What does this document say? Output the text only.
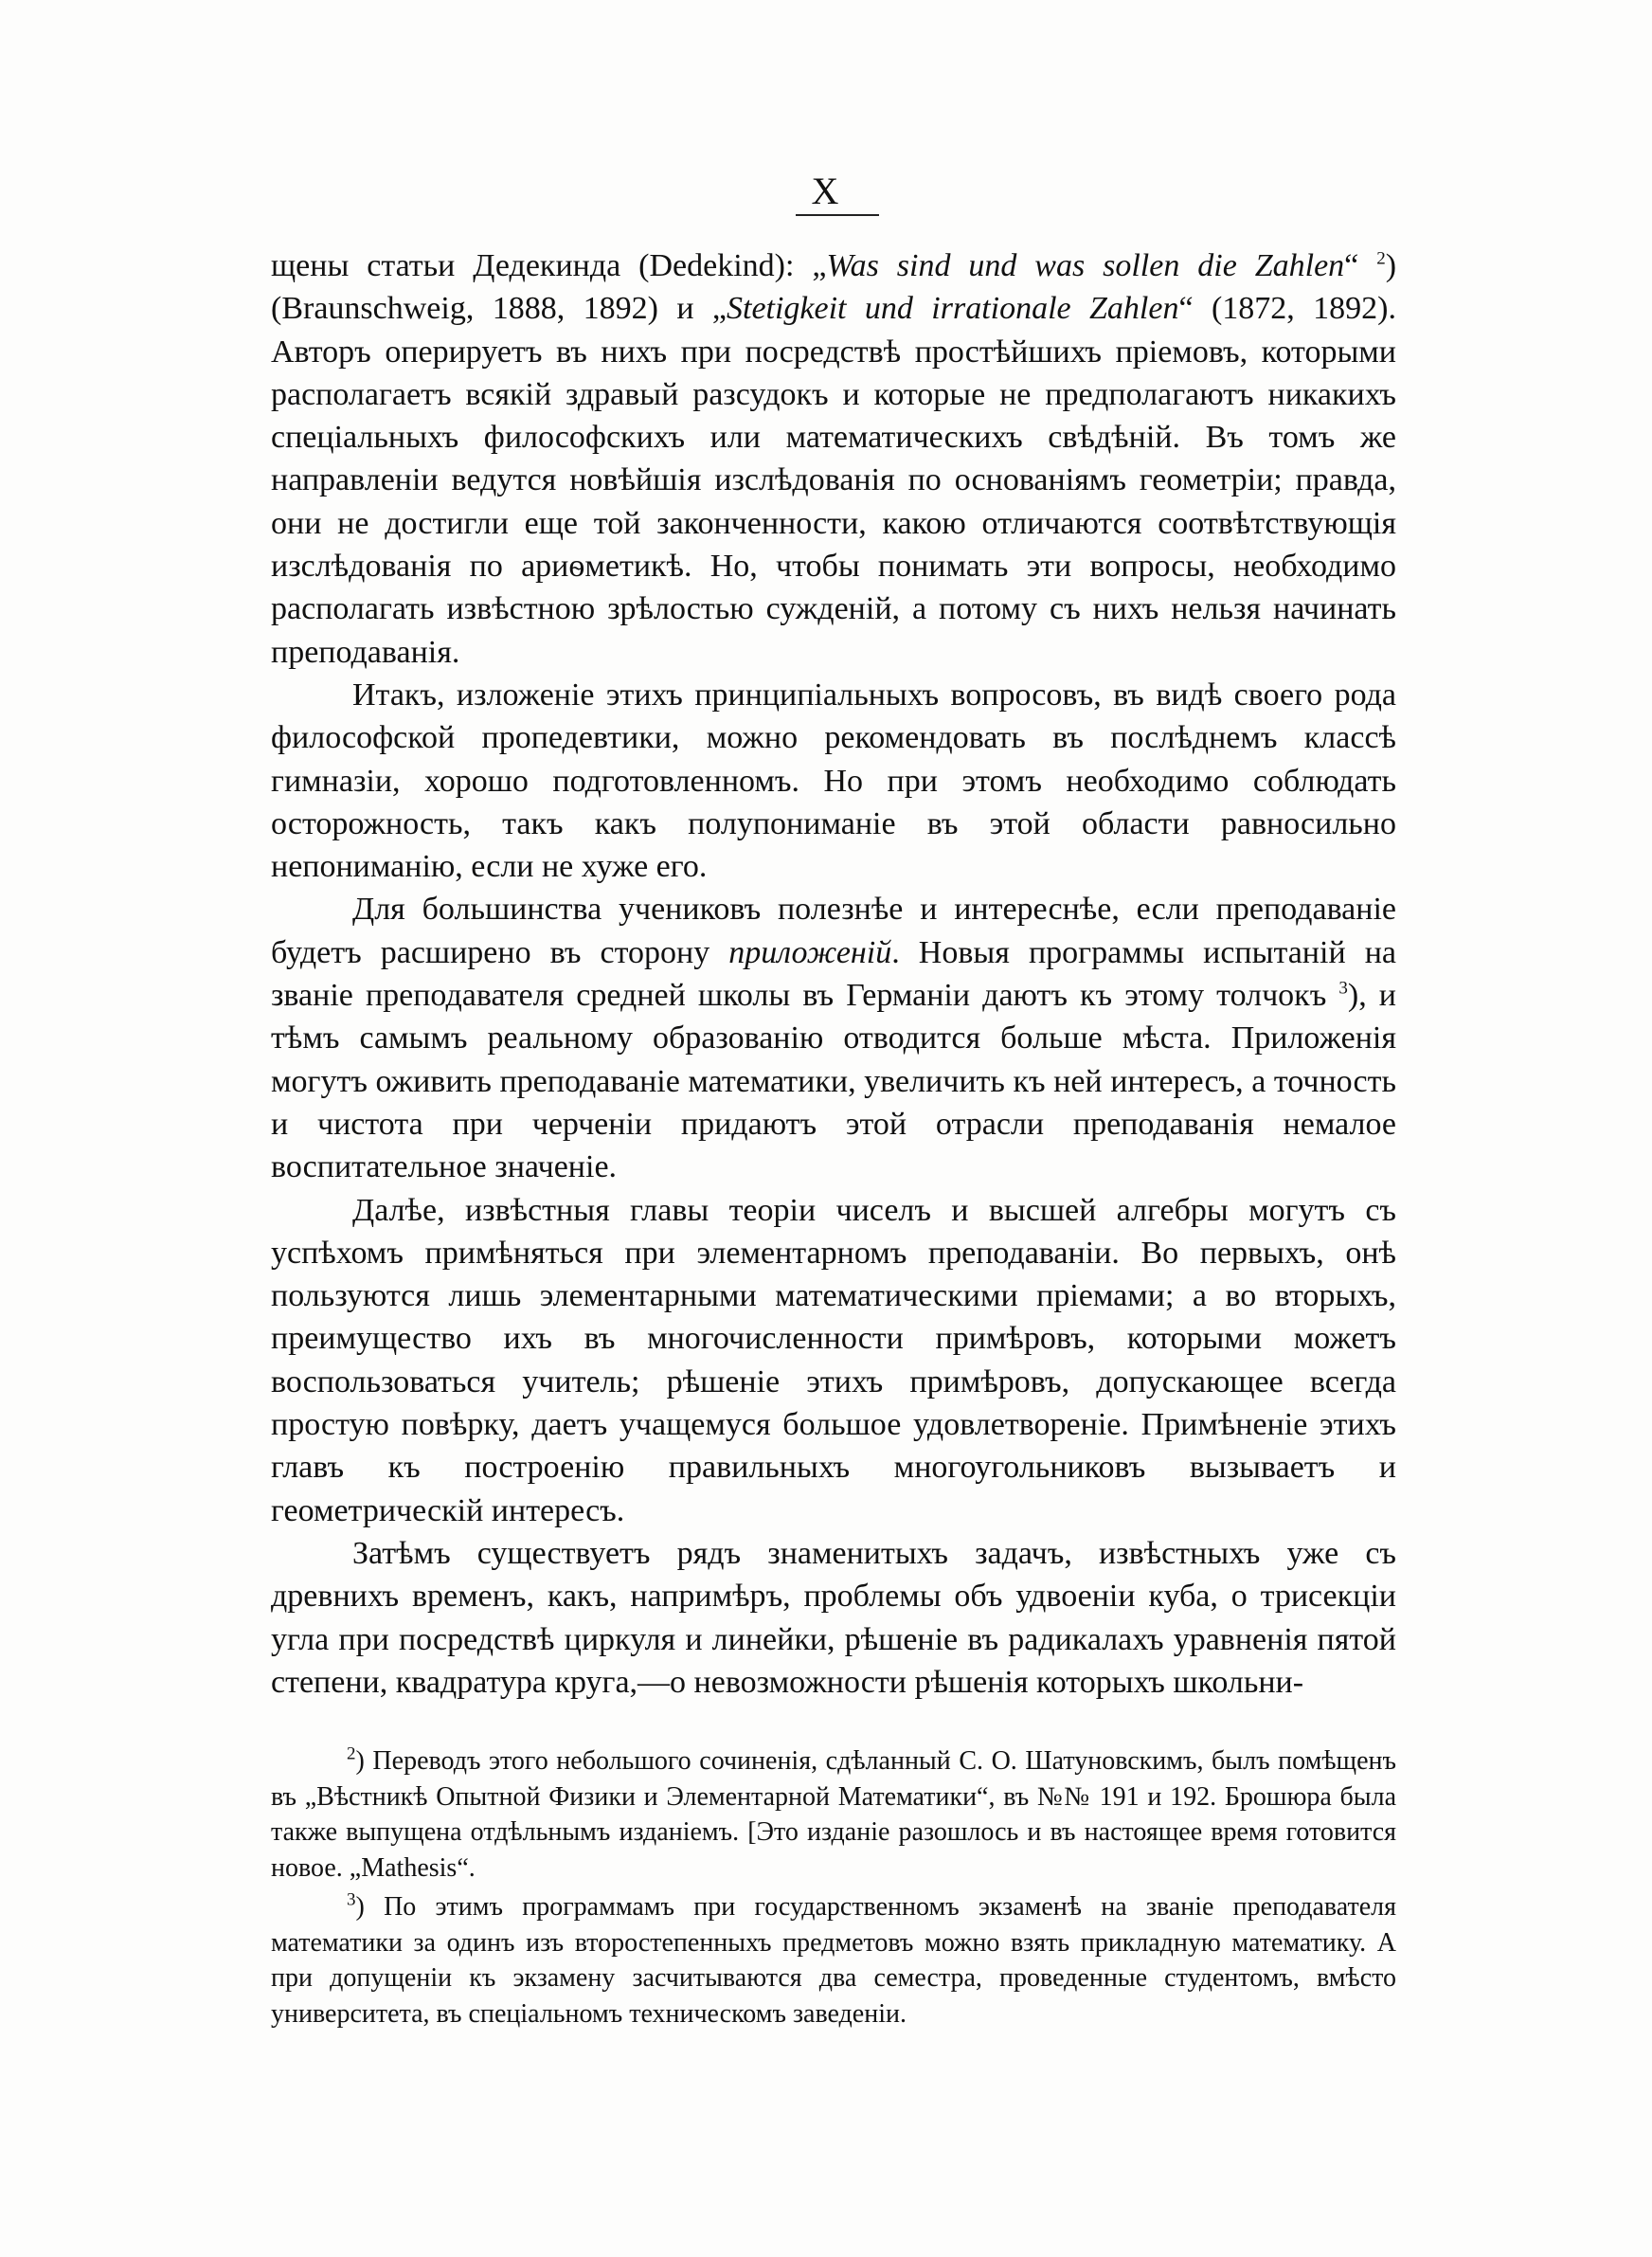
X

щены статьи Дедекинда (Dedekind): „Was sind und was sollen die Zahlen“ $^2$) (Braunschweig, 1888, 1892) и „Stetigkeit und irrationale Zahlen“ (1872, 1892). Авторъ оперируетъ въ нихъ при посредствѣ простѣйшихъ пріемовъ, которыми располагаетъ всякій здравый разсудокъ и которые не предполагаютъ никакихъ спеціальныхъ философскихъ или математическихъ свѣдѣній. Въ томъ же направленіи ведутся новѣйшія изслѣдованія по основаніямъ геометріи; правда, они не достигли еще той законченности, какою отличаются соотвѣтствующія изслѣдованія по ариѳметикѣ. Но, чтобы понимать эти вопросы, необходимо располагать извѣстною зрѣлостью сужденій, а потому съ нихъ нельзя начинать преподаванія.

Итакъ, изложеніе этихъ принципіальныхъ вопросовъ, въ видѣ своего рода философской пропедевтики, можно рекомендовать въ послѣднемъ классѣ гимназіи, хорошо подготовленномъ. Но при этомъ необходимо соблюдать осторожность, такъ какъ полупониманіе въ этой области равносильно непониманію, если не хуже его.

Для большинства учениковъ полезнѣе и интереснѣе, если преподаваніе будетъ расширено въ сторону приложеній. Новыя программы испытаній на званіе преподавателя средней школы въ Германіи даютъ къ этому толчокъ $^3$), и тѣмъ самымъ реальному образованію отводится больше мѣста. Приложенія могутъ оживить преподаваніе математики, увеличить къ ней интересъ, а точность и чистота при черченіи придаютъ этой отрасли преподаванія немалое воспитательное значеніе.

Далѣе, извѣстныя главы теоріи чиселъ и высшей алгебры могутъ съ успѣхомъ примѣняться при элементарномъ преподаваніи. Во первыхъ, онѣ пользуются лишь элементарными математическими пріемами; а во вторыхъ, преимущество ихъ въ многочисленности примѣровъ, которыми можетъ воспользоваться учитель; рѣшеніе этихъ примѣровъ, допускающее всегда простую повѣрку, даетъ учащемуся большое удовлетвореніе. Примѣненіе этихъ главъ къ построенію правильныхъ многоугольниковъ вызываетъ и геометрическій интересъ.

Затѣмъ существуетъ рядъ знаменитыхъ задачъ, извѣстныхъ уже съ древнихъ временъ, какъ, напримѣръ, проблемы объ удвоеніи куба, о трисекціи угла при посредствѣ циркуля и линейки, рѣшеніе въ радикалахъ уравненія пятой степени, квадратура круга,—о невозможности рѣшенія которыхъ школьни-

$^2$) Переводъ этого небольшого сочиненія, сдѣланный С. О. Шатуновскимъ, былъ помѣщенъ въ „Вѣстникѣ Опытной Физики и Элементарной Математики“, въ №№ 191 и 192. Брошюра была также выпущена отдѣльнымъ изданіемъ. [Это изданіе разошлось и въ настоящее время готовится новое. „Mathesis“.

$^3$) По этимъ программамъ при государственномъ экзаменѣ на званіе преподавателя математики за одинъ изъ второстепенныхъ предметовъ можно взять прикладную математику. А при допущеніи къ экзамену засчитываются два семестра, проведенные студентомъ, вмѣсто университета, въ спеціальномъ техническомъ заведеніи.
